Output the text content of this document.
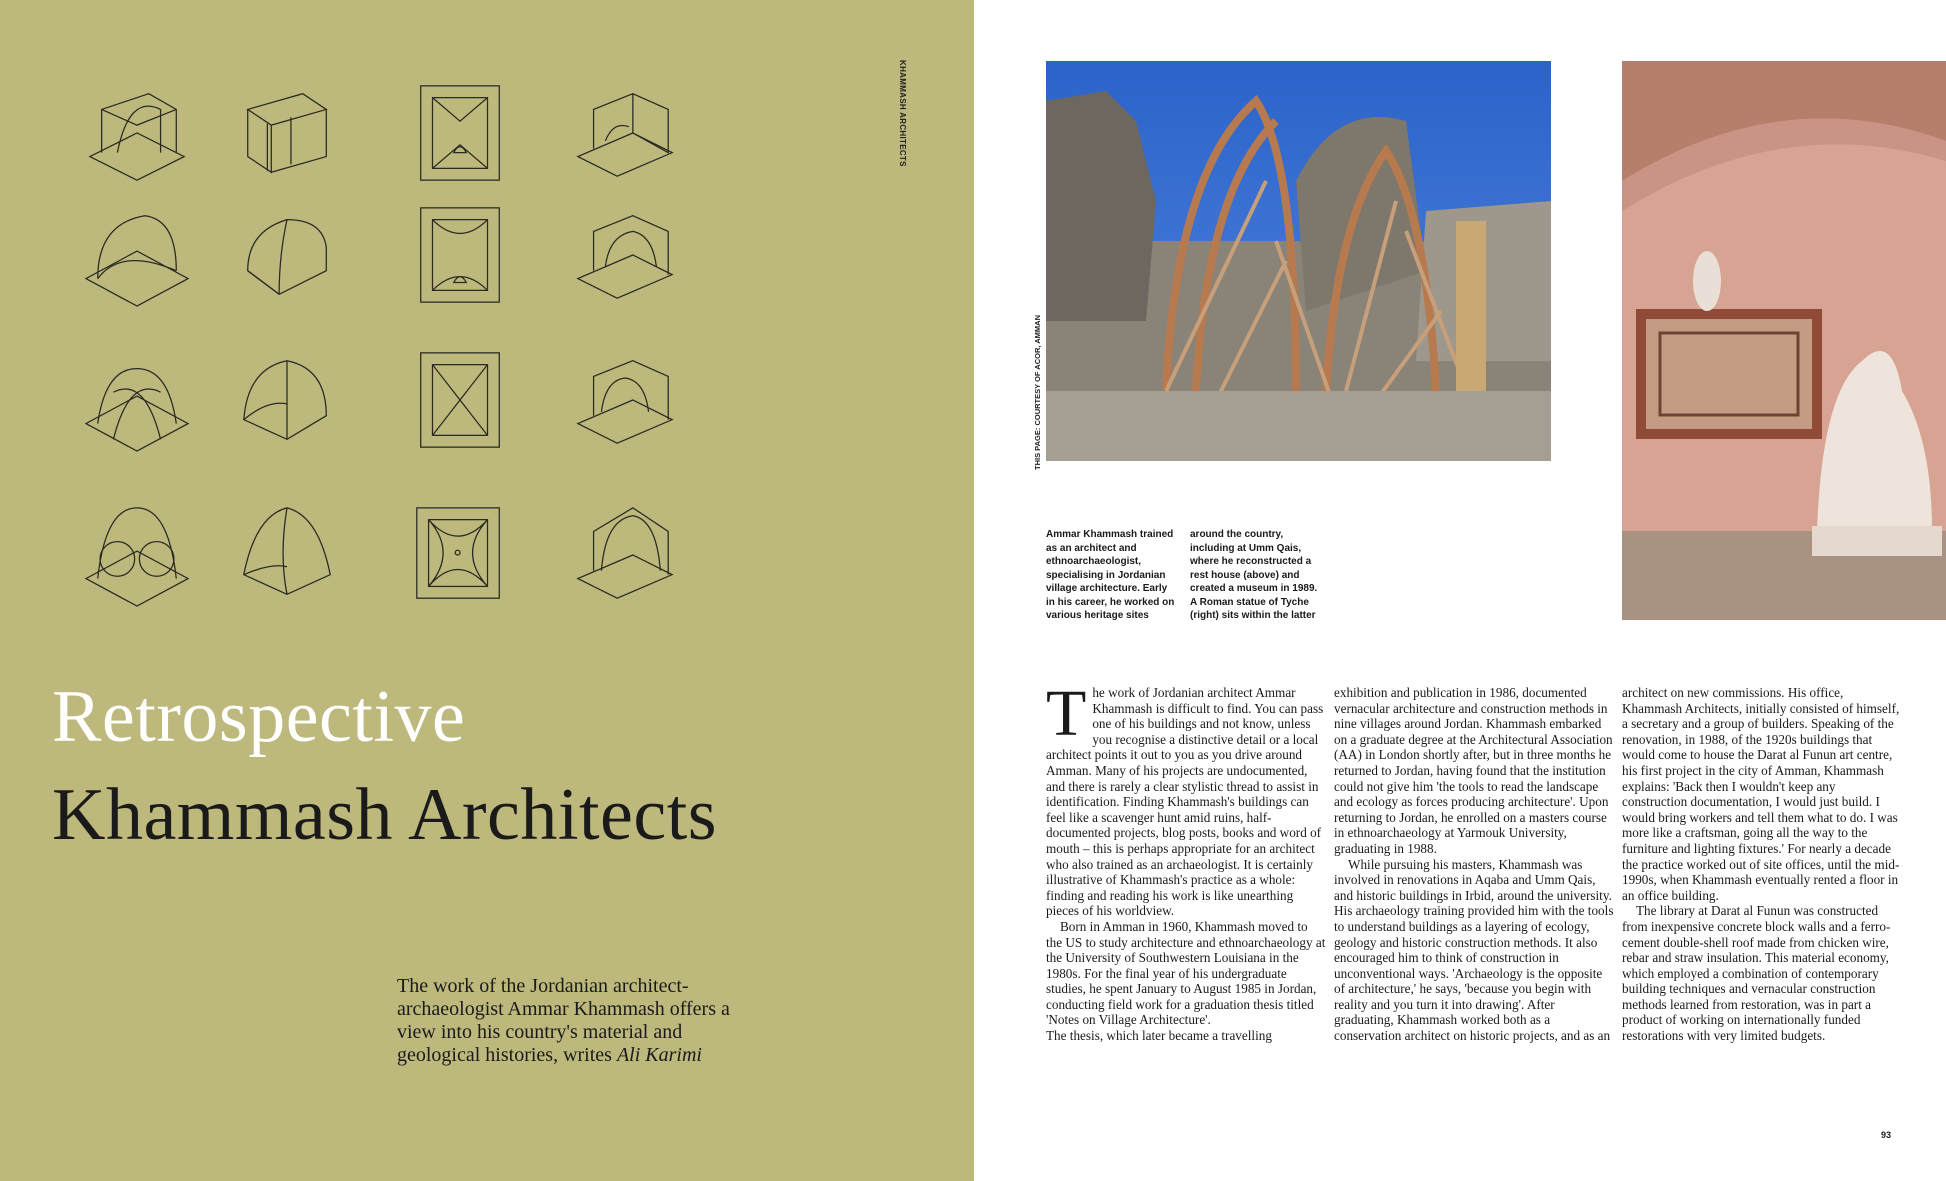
KHAMMASH ARCHITECTS
Retrospective
Khammash Architects
The work of the Jordanian architect-archaeologist Ammar Khammash offers a view into his country's material and geological histories, writes Ali Karimi
THIS PAGE: COURTESY OF ACOR, AMMAN
Ammar Khammash trained as an architect and ethnoarchaeologist, specialising in Jordanian village architecture. Early in his career, he worked on various heritage sites
around the country, including at Umm Qais, where he reconstructed a rest house (above) and created a museum in 1989. A Roman statue of Tyche (right) sits within the latter
T he work of Jordanian architect Ammar Khammash is difficult to find. You can pass one of his buildings and not know, unless you recognise a distinctive detail or a local architect points it out to you as you drive around Amman. Many of his projects are undocumented, and there is rarely a clear stylistic thread to assist in identification. Finding Khammash's buildings can feel like a scavenger hunt amid ruins, half-documented projects, blog posts, books and word of mouth – this is perhaps appropriate for an architect who also trained as an archaeologist. It is certainly illustrative of Khammash's practice as a whole: finding and reading his work is like unearthing pieces of his worldview.

Born in Amman in 1960, Khammash moved to the US to study architecture and ethnoarchaeology at the University of Southwestern Louisiana in the 1980s. For the final year of his undergraduate studies, he spent January to August 1985 in Jordan, conducting field work for a graduation thesis titled 'Notes on Village Architecture'.

The thesis, which later became a travelling

exhibition and publication in 1986, documented vernacular architecture and construction methods in nine villages around Jordan. Khammash embarked on a graduate degree at the Architectural Association (AA) in London shortly after, but in three months he returned to Jordan, having found that the institution could not give him 'the tools to read the landscape and ecology as forces producing architecture'. Upon returning to Jordan, he enrolled on a masters course in ethnoarchaeology at Yarmouk University, graduating in 1988.

While pursuing his masters, Khammash was involved in renovations in Aqaba and Umm Qais, and historic buildings in Irbid, around the university. His archaeology training provided him with the tools to understand buildings as a layering of ecology, geology and historic construction methods. It also encouraged him to think of construction in unconventional ways. 'Archaeology is the opposite of architecture,' he says, 'because you begin with reality and you turn it into drawing'. After graduating, Khammash worked both as a conservation architect on historic projects, and as an

architect on new commissions. His office, Khammash Architects, initially consisted of himself, a secretary and a group of builders. Speaking of the renovation, in 1988, of the 1920s buildings that would come to house the Darat al Funun art centre, his first project in the city of Amman, Khammash explains: 'Back then I wouldn't keep any construction documentation, I would just build. I would bring workers and tell them what to do. I was more like a craftsman, going all the way to the furniture and lighting fixtures.' For nearly a decade the practice worked out of site offices, until the mid-1990s, when Khammash eventually rented a floor in an office building.

The library at Darat al Funun was constructed from inexpensive concrete block walls and a ferro-cement double-shell roof made from chicken wire, rebar and straw insulation. This material economy, which employed a combination of contemporary building techniques and vernacular construction methods learned from restoration, was in part a product of working on internationally funded restorations with very limited budgets.

93
